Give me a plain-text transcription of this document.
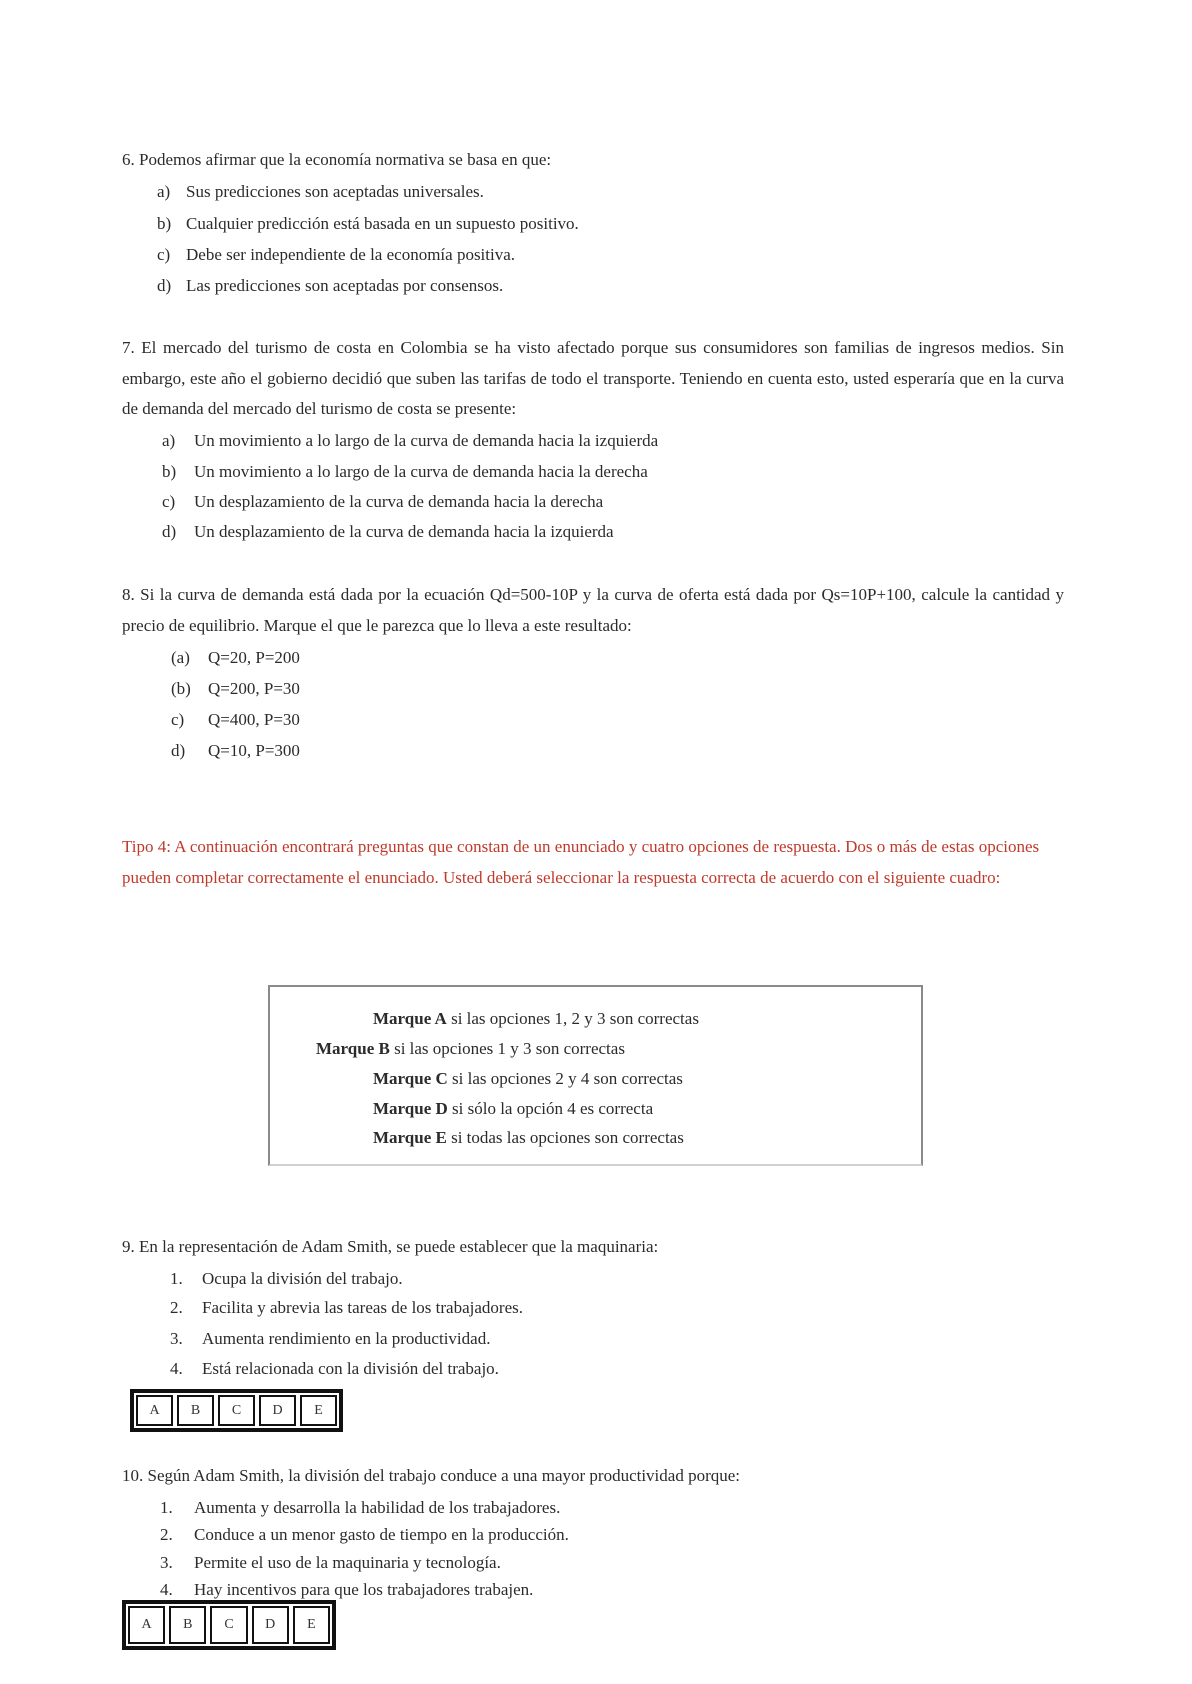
6. Podemos afirmar que la economía normativa se basa en que:
a) Sus predicciones son aceptadas universales.
b) Cualquier predicción está basada en un supuesto positivo.
c) Debe ser independiente de la economía positiva.
d) Las predicciones son aceptadas por consensos.
7. El mercado del turismo de costa en Colombia se ha visto afectado porque sus consumidores son familias de ingresos medios. Sin embargo, este año el gobierno decidió que suben las tarifas de todo el transporte. Teniendo en cuenta esto, usted esperaría que en la curva de demanda del mercado del turismo de costa se presente:
a) Un movimiento a lo largo de la curva de demanda hacia la izquierda
b) Un movimiento a lo largo de la curva de demanda hacia la derecha
c) Un desplazamiento de la curva de demanda hacia la derecha
d) Un desplazamiento de la curva de demanda hacia la izquierda
8. Si la curva de demanda está dada por la ecuación Qd=500-10P y la curva de oferta está dada por Qs=10P+100, calcule la cantidad y precio de equilibrio. Marque el que le parezca que lo lleva a este resultado:
(a) Q=20, P=200
(b) Q=200, P=30
c) Q=400, P=30
d) Q=10, P=300
Tipo 4: A continuación encontrará preguntas que constan de un enunciado y cuatro opciones de respuesta. Dos o más de estas opciones pueden completar correctamente el enunciado. Usted deberá seleccionar la respuesta correcta de acuerdo con el siguiente cuadro:
Marque A si las opciones 1, 2 y 3 son correctas
Marque B si las opciones 1 y 3 son correctas
Marque C si las opciones 2 y 4 son correctas
Marque D si sólo la opción 4 es correcta
Marque E si todas las opciones son correctas
9. En la representación de Adam Smith, se puede establecer que la maquinaria:
1. Ocupa la división del trabajo.
2. Facilita y abrevia las tareas de los trabajadores.
3. Aumenta rendimiento en la productividad.
4. Está relacionada con la división del trabajo.
A	B	C	D	E
10. Según Adam Smith, la división del trabajo conduce a una mayor productividad porque:
1. Aumenta y desarrolla la habilidad de los trabajadores.
2. Conduce a un menor gasto de tiempo en la producción.
3. Permite el uso de la maquinaria y tecnología.
4. Hay incentivos para que los trabajadores trabajen.
A	B	C	D	E
